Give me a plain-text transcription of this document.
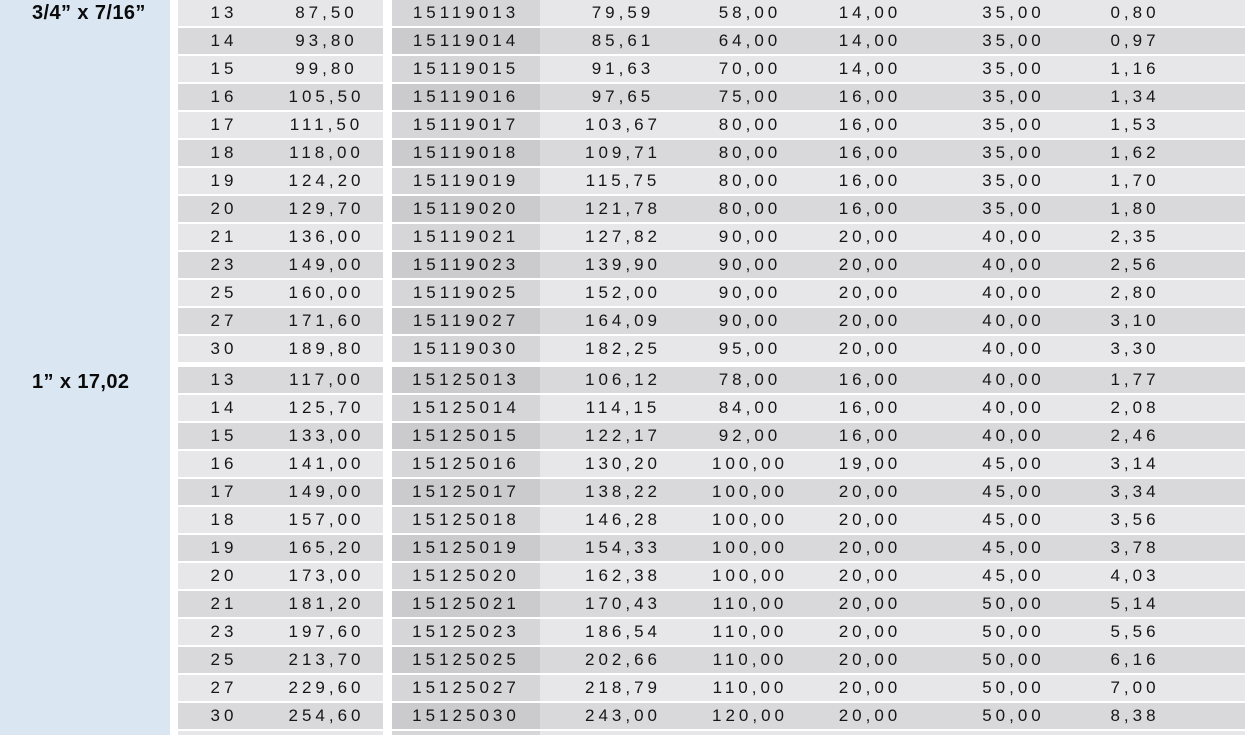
3/4” x 7/16”
1” x 17,02
13	87,50	15119013	79,59	58,00	14,00	35,00	0,80
14	93,80	15119014	85,61	64,00	14,00	35,00	0,97
15	99,80	15119015	91,63	70,00	14,00	35,00	1,16
16	105,50	15119016	97,65	75,00	16,00	35,00	1,34
17	111,50	15119017	103,67	80,00	16,00	35,00	1,53
18	118,00	15119018	109,71	80,00	16,00	35,00	1,62
19	124,20	15119019	115,75	80,00	16,00	35,00	1,70
20	129,70	15119020	121,78	80,00	16,00	35,00	1,80
21	136,00	15119021	127,82	90,00	20,00	40,00	2,35
23	149,00	15119023	139,90	90,00	20,00	40,00	2,56
25	160,00	15119025	152,00	90,00	20,00	40,00	2,80
27	171,60	15119027	164,09	90,00	20,00	40,00	3,10
30	189,80	15119030	182,25	95,00	20,00	40,00	3,30
13	117,00	15125013	106,12	78,00	16,00	40,00	1,77
14	125,70	15125014	114,15	84,00	16,00	40,00	2,08
15	133,00	15125015	122,17	92,00	16,00	40,00	2,46
16	141,00	15125016	130,20	100,00	19,00	45,00	3,14
17	149,00	15125017	138,22	100,00	20,00	45,00	3,34
18	157,00	15125018	146,28	100,00	20,00	45,00	3,56
19	165,20	15125019	154,33	100,00	20,00	45,00	3,78
20	173,00	15125020	162,38	100,00	20,00	45,00	4,03
21	181,20	15125021	170,43	110,00	20,00	50,00	5,14
23	197,60	15125023	186,54	110,00	20,00	50,00	5,56
25	213,70	15125025	202,66	110,00	20,00	50,00	6,16
27	229,60	15125027	218,79	110,00	20,00	50,00	7,00
30	254,60	15125030	243,00	120,00	20,00	50,00	8,38
